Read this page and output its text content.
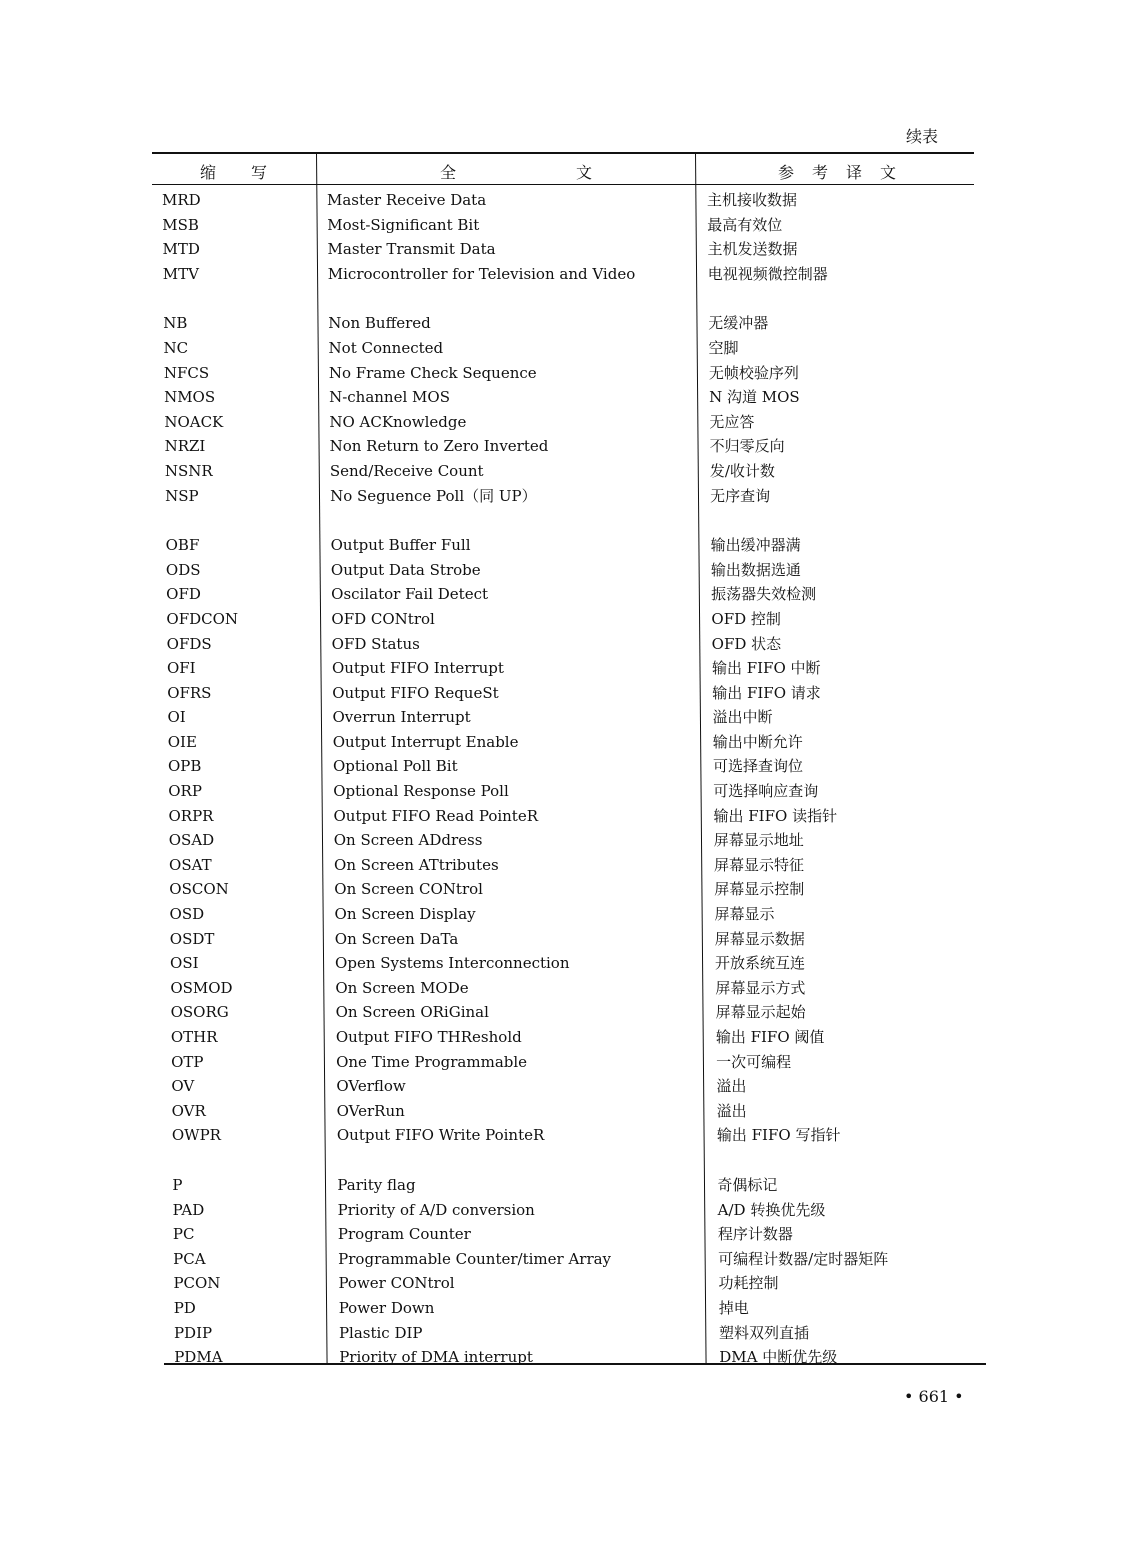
续表
缩　　写	全　　　　　　　文	参　考　译　文
MRD	Master Receive Data	主机接收数据
MSB	Most-Significant Bit	最高有效位
MTD	Master Transmit Data	主机发送数据
MTV	Microcontroller for Television and Video	电视视频微控制器
NB	Non Buffered	无缓冲器
NC	Not Connected	空脚
NFCS	No Frame Check Sequence	无帧校验序列
NMOS	N-channel MOS	N 沟道 MOS
NOACK	NO ACKnowledge	无应答
NRZI	Non Return to Zero Inverted	不归零反向
NSNR	Send/Receive Count	发/收计数
NSP	No Seguence Poll（同 UP）	无序查询
OBF	Output Buffer Full	输出缓冲器满
ODS	Output Data Strobe	输出数据选通
OFD	Oscilator Fail Detect	振荡器失效检测
OFDCON	OFD CONtrol	OFD 控制
OFDS	OFD Status	OFD 状态
OFI	Output FIFO Interrupt	输出 FIFO 中断
OFRS	Output FIFO RequeSt	输出 FIFO 请求
OI	Overrun Interrupt	溢出中断
OIE	Output Interrupt Enable	输出中断允许
OPB	Optional Poll Bit	可选择查询位
ORP	Optional Response Poll	可选择响应查询
ORPR	Output FIFO Read PointeR	输出 FIFO 读指针
OSAD	On Screen ADdress	屏幕显示地址
OSAT	On Screen ATtributes	屏幕显示特征
OSCON	On Screen CONtrol	屏幕显示控制
OSD	On Screen Display	屏幕显示
OSDT	On Screen DaTa	屏幕显示数据
OSI	Open Systems Interconnection	开放系统互连
OSMOD	On Screen MODe	屏幕显示方式
OSORG	On Screen ORiGinal	屏幕显示起始
OTHR	Output FIFO THReshold	输出 FIFO 阈值
OTP	One Time Programmable	一次可编程
OV	OVerflow	溢出
OVR	OVerRun	溢出
OWPR	Output FIFO Write PointeR	输出 FIFO 写指针
P	Parity flag	奇偶标记
PAD	Priority of A/D conversion	A/D 转换优先级
PC	Program Counter	程序计数器
PCA	Programmable Counter/timer Array	可编程计数器/定时器矩阵
PCON	Power CONtrol	功耗控制
PD	Power Down	掉电
PDIP	Plastic DIP	塑料双列直插
PDMA	Priority of DMA interrupt	DMA 中断优先级
• 661 •
